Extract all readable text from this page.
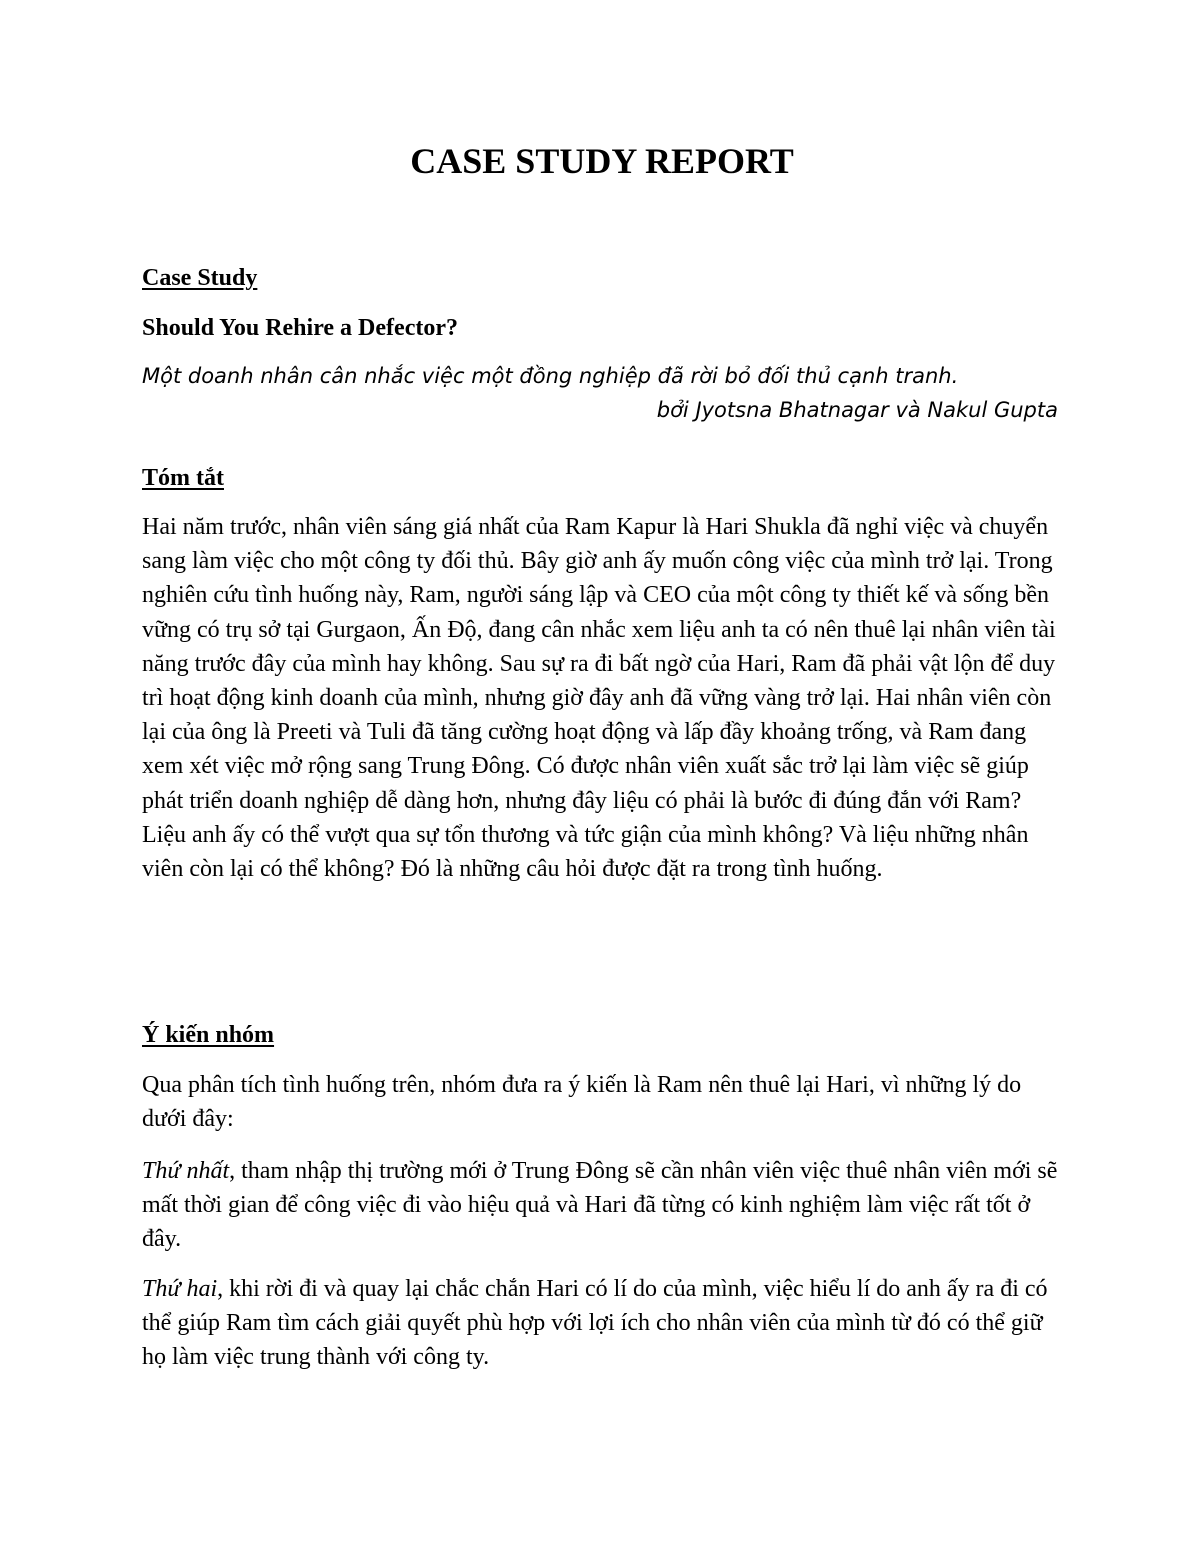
CASE STUDY REPORT
Case Study

Should You Rehire a Defector?

Một doanh nhân cân nhắc việc một đồng nghiệp đã rời bỏ đối thủ cạnh tranh.

bởi Jyotsna Bhatnagar và Nakul Gupta

Tóm tắt

Hai năm trước, nhân viên sáng giá nhất của Ram Kapur là Hari Shukla đã nghỉ việc và chuyển sang làm việc cho một công ty đối thủ. Bây giờ anh ấy muốn công việc của mình trở lại. Trong nghiên cứu tình huống này, Ram, người sáng lập và CEO của một công ty thiết kế và sống bền vững có trụ sở tại Gurgaon, Ấn Độ, đang cân nhắc xem liệu anh ta có nên thuê lại nhân viên tài năng trước đây của mình hay không. Sau sự ra đi bất ngờ của Hari, Ram đã phải vật lộn để duy trì hoạt động kinh doanh của mình, nhưng giờ đây anh đã vững vàng trở lại. Hai nhân viên còn lại của ông là Preeti và Tuli đã tăng cường hoạt động và lấp đầy khoảng trống, và Ram đang xem xét việc mở rộng sang Trung Đông. Có được nhân viên xuất sắc trở lại làm việc sẽ giúp phát triển doanh nghiệp dễ dàng hơn, nhưng đây liệu có phải là bước đi đúng đắn với Ram? Liệu anh ấy có thể vượt qua sự tổn thương và tức giận của mình không? Và liệu những nhân viên còn lại có thể không? Đó là những câu hỏi được đặt ra trong tình huống.

Ý kiến nhóm

Qua phân tích tình huống trên, nhóm đưa ra ý kiến là Ram nên thuê lại Hari, vì những lý do dưới đây:

Thứ nhất, tham nhập thị trường mới ở Trung Đông sẽ cần nhân viên việc thuê nhân viên mới sẽ mất thời gian để công việc đi vào hiệu quả và Hari đã từng có kinh nghiệm làm việc rất tốt ở đây.

Thứ hai, khi rời đi và quay lại chắc chắn Hari có lí do của mình, việc hiểu lí do anh ấy ra đi có thể giúp Ram tìm cách giải quyết phù hợp với lợi ích cho nhân viên của mình từ đó có thể giữ họ làm việc trung thành với công ty.
